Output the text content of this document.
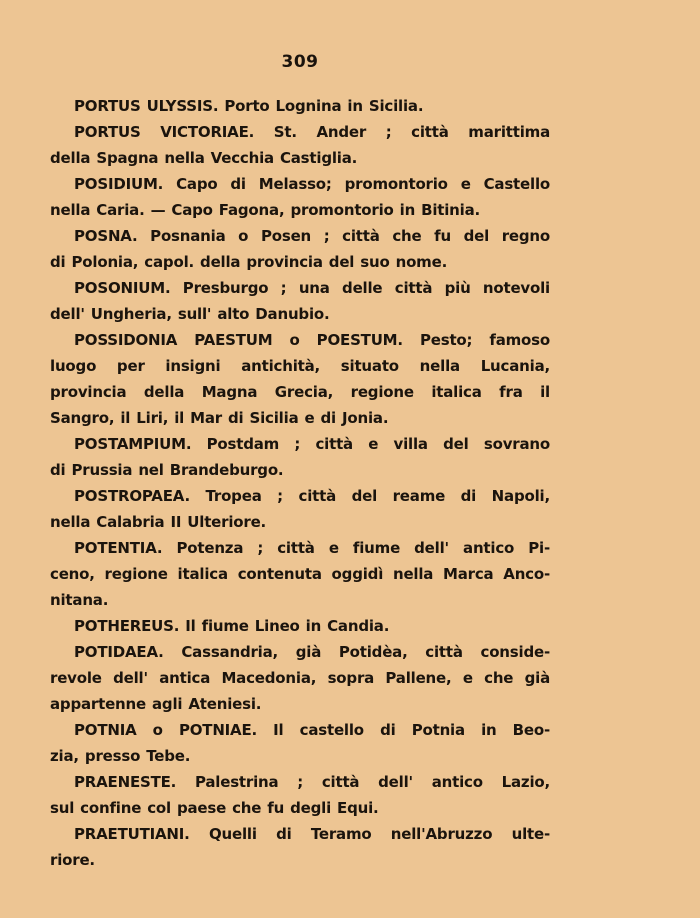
309
PORTUS ULYSSIS. Porto Lognina in Sicilia.
PORTUS VICTORIAE. St. Ander ; città marittima
della Spagna nella Vecchia Castiglia.
POSIDIUM. Capo di Melasso; promontorio e Castello
nella Caria. — Capo Fagona, promontorio in Bitinia.
POSNA. Posnania o Posen ; città che fu del regno
di Polonia, capol. della provincia del suo nome.
POSONIUM. Presburgo ; una delle città più notevoli
dell' Ungheria, sull' alto Danubio.
POSSIDONIA PAESTUM o POESTUM. Pesto; famoso
luogo per insigni antichità, situato nella Lucania,
provincia della Magna Grecia, regione italica fra il
Sangro, il Liri, il Mar di Sicilia e di Jonia.
POSTAMPIUM. Postdam ; città e villa del sovrano
di Prussia nel Brandeburgo.
POSTROPAEA. Tropea ; città del reame di Napoli,
nella Calabria II Ulteriore.
POTENTIA. Potenza ; città e fiume dell' antico Pi-
ceno, regione italica contenuta oggidì nella Marca Anco-
nitana.
POTHEREUS. Il fiume Lineo in Candia.
POTIDAEA. Cassandria, già Potidèa, città conside-
revole dell' antica Macedonia, sopra Pallene, e che già
appartenne agli Ateniesi.
POTNIA o POTNIAE. Il castello di Potnia in Beo-
zia, presso Tebe.
PRAENESTE. Palestrina ; città dell' antico Lazio,
sul confine col paese che fu degli Equi.
PRAETUTIANI. Quelli di Teramo nell'Abruzzo ulte-
riore.
